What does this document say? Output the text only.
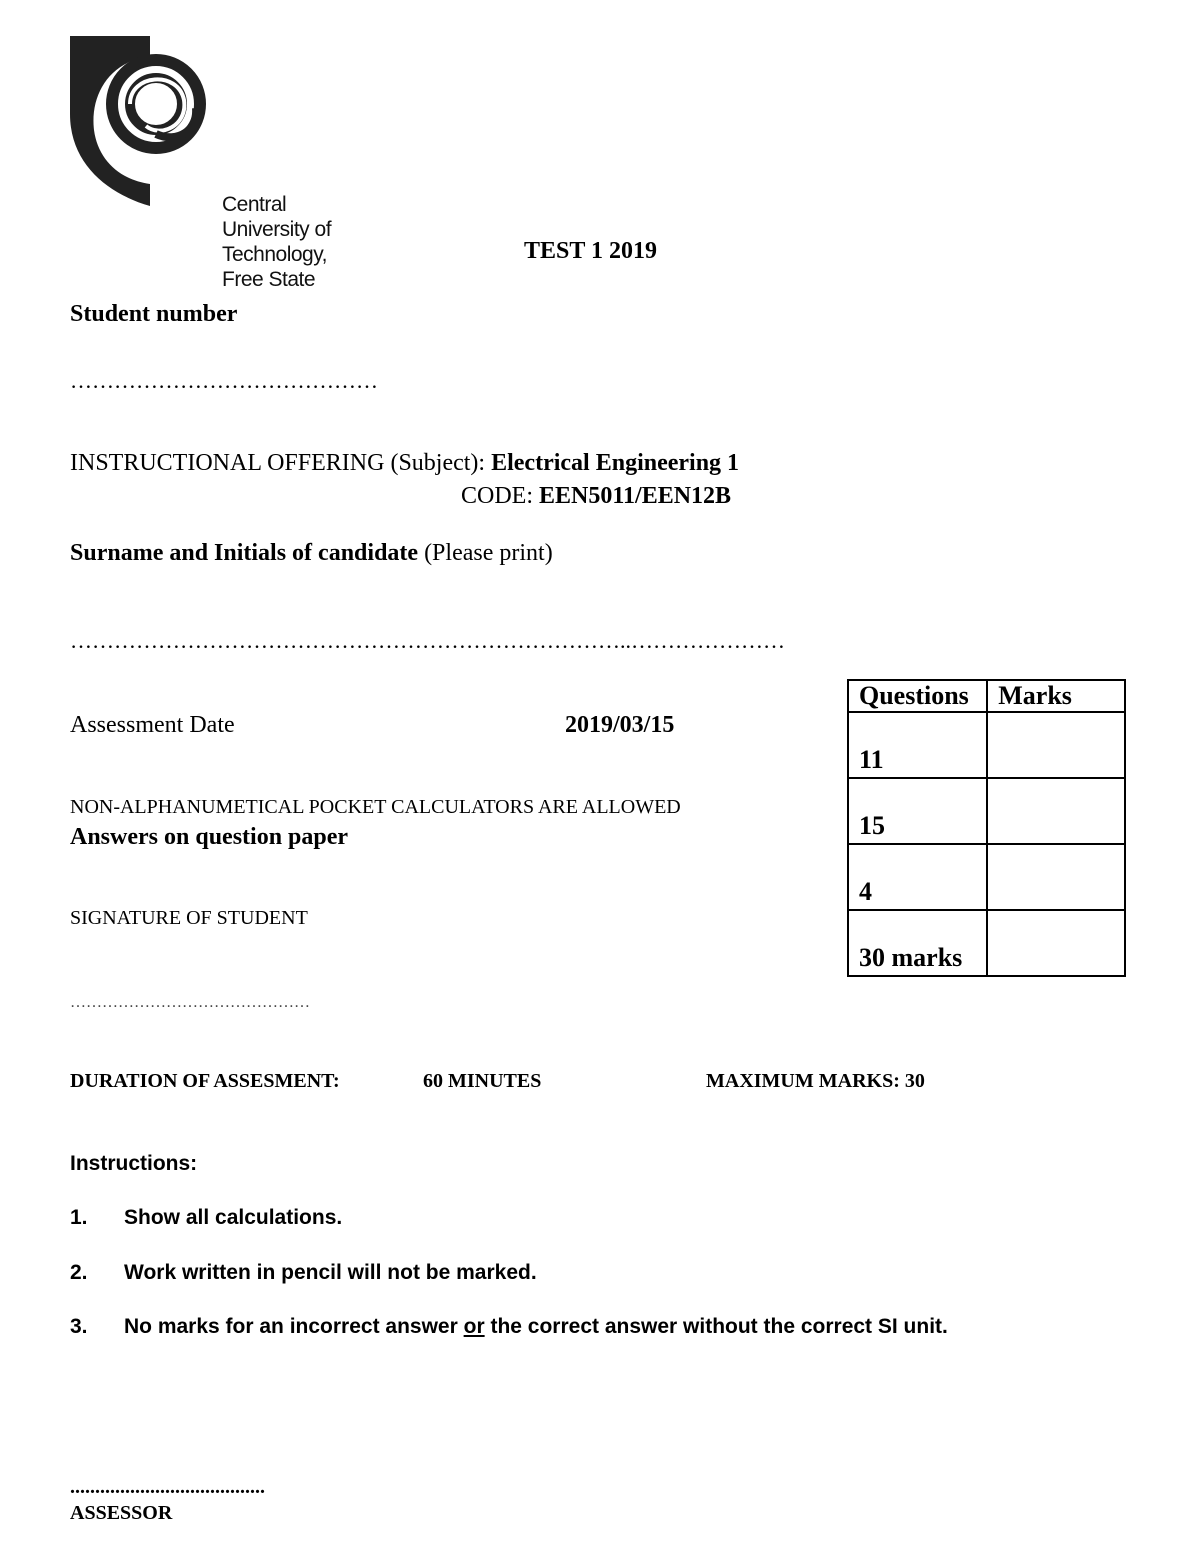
Central University of
Technology, Free State
TEST 1 2019
Student number
……………………………………
INSTRUCTIONAL OFFERING (Subject): Electrical Engineering 1
CODE: EEN5011/EEN12B
Surname and Initials of candidate (Please print)
…………………………………………………………………..…………………
Assessment Date	2019/03/15
NON-ALPHANUMETICAL POCKET CALCULATORS ARE ALLOWED
Answers on question paper
SIGNATURE OF STUDENT
………………………………………
Questions	Marks
11	
15	
4	
30 marks	
DURATION OF ASSESMENT:	60 MINUTES	MAXIMUM MARKS: 30
Instructions:
1. Show all calculations.
2. Work written in pencil will not be marked.
3. No marks for an incorrect answer or the correct answer without the correct SI unit.
.......................................
ASSESSOR
